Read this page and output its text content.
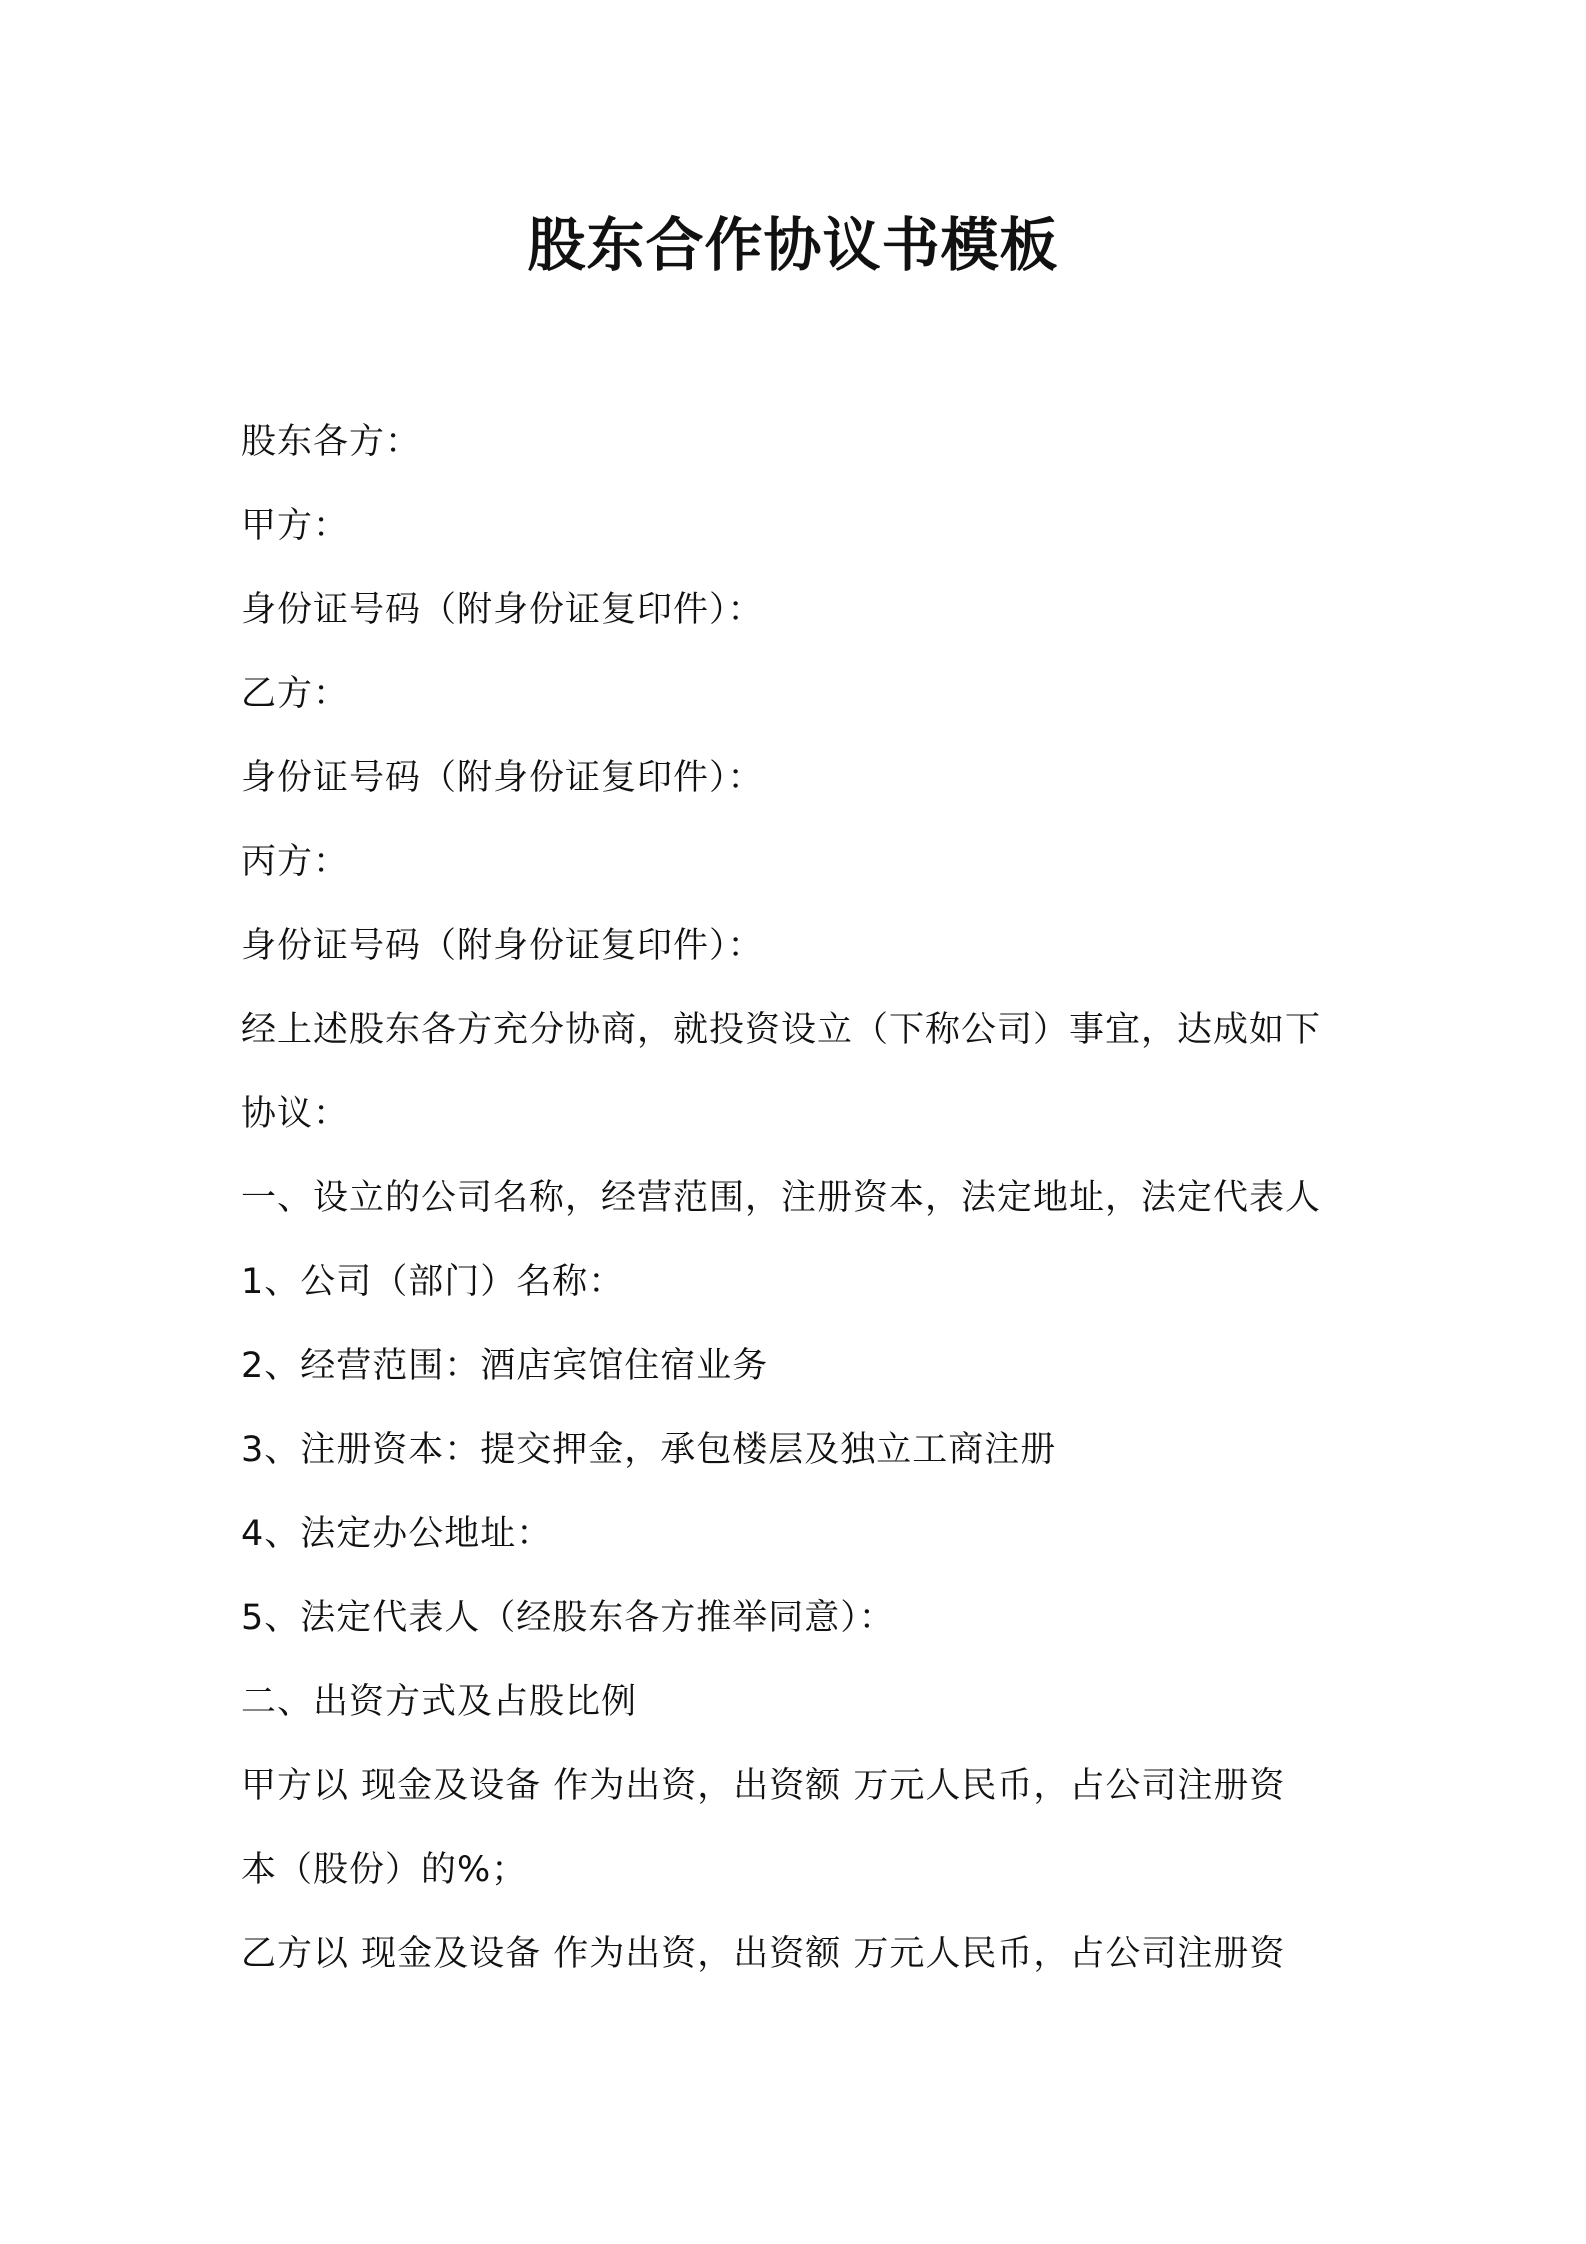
股东合作协议书模板
股东各方：
甲方：
身份证号码（附身份证复印件）：
乙方：
身份证号码（附身份证复印件）：
丙方：
身份证号码（附身份证复印件）：
经上述股东各方充分协商，就投资设立（下称公司）事宜，达成如下
协议：
一、设立的公司名称，经营范围，注册资本，法定地址，法定代表人
1、公司（部门）名称：
2、经营范围：酒店宾馆住宿业务
3、注册资本：提交押金，承包楼层及独立工商注册
4、法定办公地址：
5、法定代表人（经股东各方推举同意）：
二、出资方式及占股比例
甲方以 现金及设备 作为出资，出资额 万元人民币，占公司注册资
本（股份）的%；
乙方以 现金及设备 作为出资，出资额 万元人民币，占公司注册资
